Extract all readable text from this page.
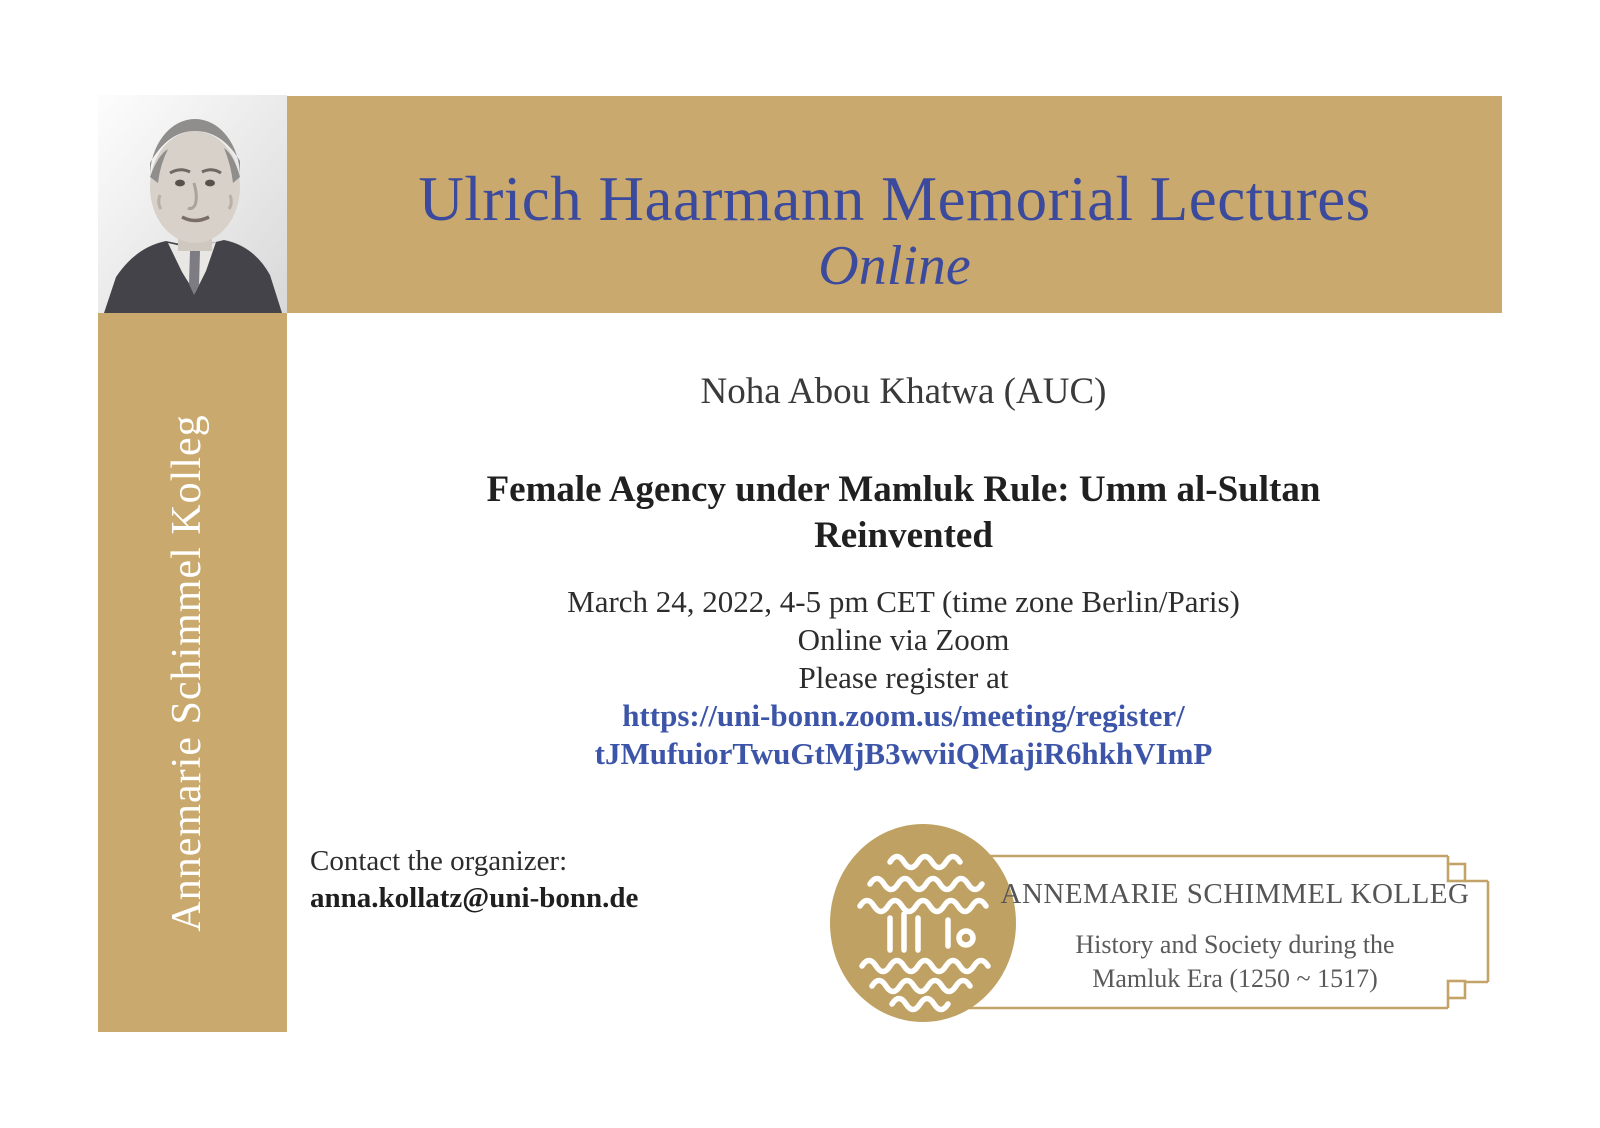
Ulrich Haarmann Memorial Lectures
Online
Annemarie Schimmel Kolleg
Noha Abou Khatwa (AUC)
Female Agency under Mamluk Rule: Umm al-Sultan
Reinvented
March 24, 2022, 4-5 pm CET (time zone Berlin/Paris)
Online via Zoom
Please register at
https://uni-bonn.zoom.us/meeting/register/
tJMufuiorTwuGtMjB3wviiQMajiR6hkhVImP
Contact the organizer:
anna.kollatz@uni-bonn.de	ANNEMARIE SCHIMMEL KOLLEG
History and Society during the
Mamluk Era (1250 ~ 1517)
